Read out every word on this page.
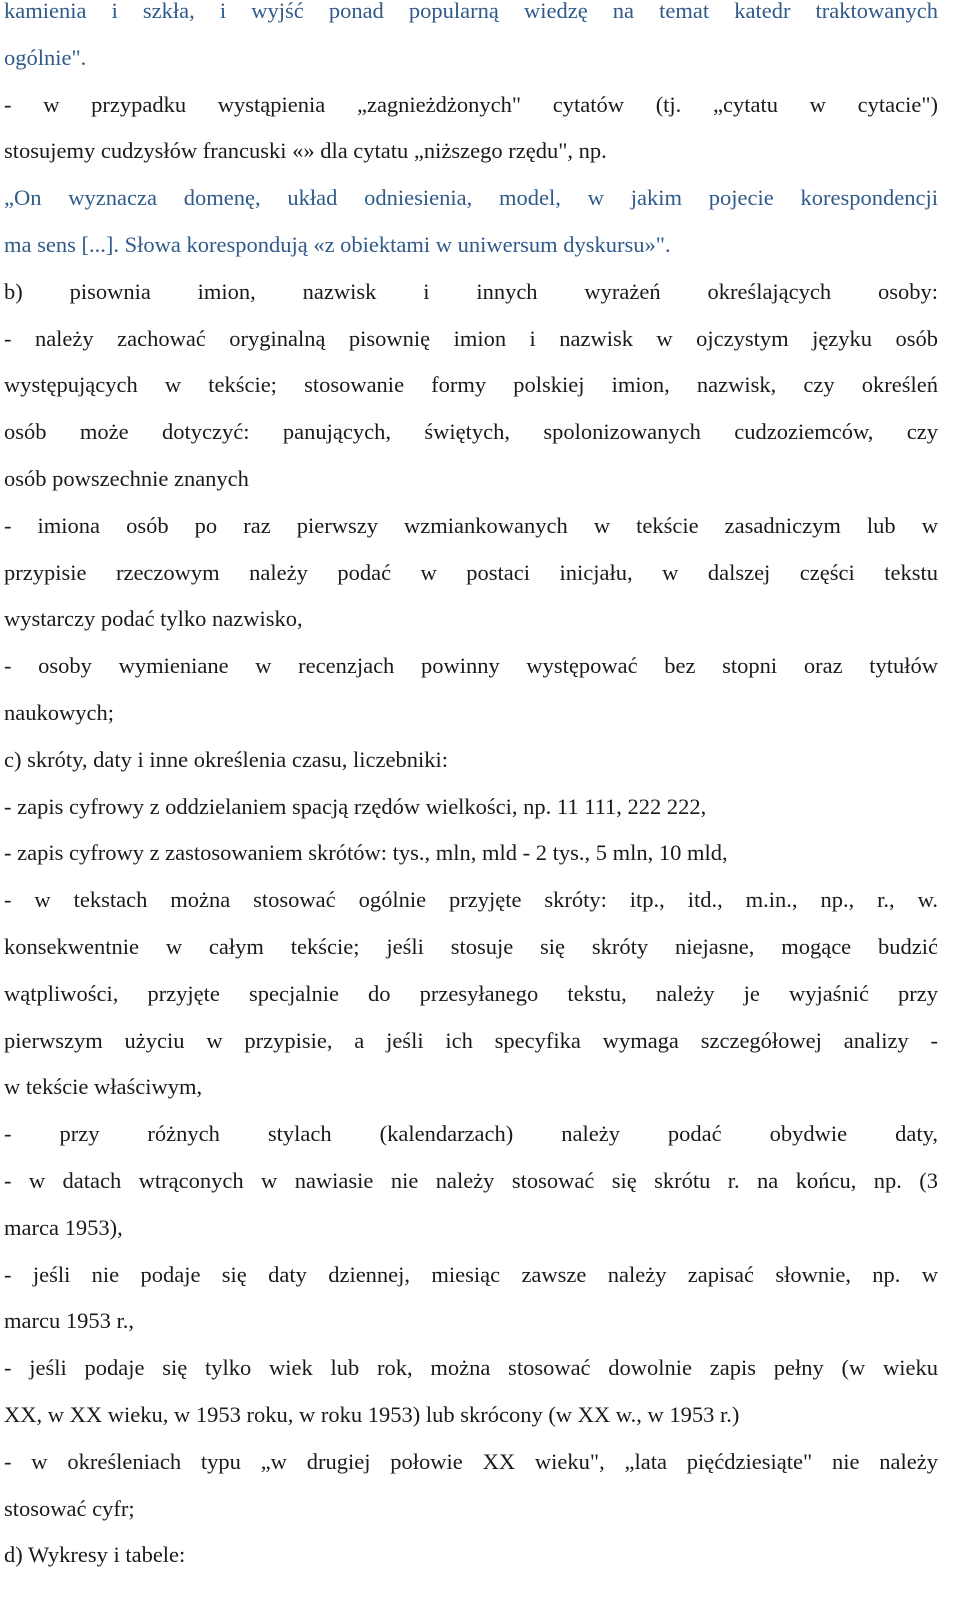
kamienia i szkła, i wyjść ponad popularną wiedzę na temat katedr traktowanych
ogólnie".
- w przypadku wystąpienia „zagnieżdżonych" cytatów (tj. „cytatu w cytacie")
stosujemy cudzysłów francuski «» dla cytatu „niższego rzędu", np.
„On wyznacza domenę, układ odniesienia, model, w jakim pojecie korespondencji
ma sens [...]. Słowa korespondują «z obiektami w uniwersum dyskursu»".
b) pisownia imion, nazwisk i innych wyrażeń określających osoby:
- należy zachować oryginalną pisownię imion i nazwisk w ojczystym języku osób
występujących w tekście; stosowanie formy polskiej imion, nazwisk, czy określeń
osób może dotyczyć: panujących, świętych, spolonizowanych cudzoziemców, czy
osób powszechnie znanych
- imiona osób po raz pierwszy wzmiankowanych w tekście zasadniczym lub w
przypisie rzeczowym należy podać w postaci inicjału, w dalszej części tekstu
wystarczy podać tylko nazwisko,
- osoby wymieniane w recenzjach powinny występować bez stopni oraz tytułów
naukowych;
c) skróty, daty i inne określenia czasu, liczebniki:
- zapis cyfrowy z oddzielaniem spacją rzędów wielkości, np. 11 111, 222 222,
- zapis cyfrowy z zastosowaniem skrótów: tys., mln, mld - 2 tys., 5 mln, 10 mld,
- w tekstach można stosować ogólnie przyjęte skróty: itp., itd., m.in., np., r., w.
konsekwentnie w całym tekście; jeśli stosuje się skróty niejasne, mogące budzić
wątpliwości, przyjęte specjalnie do przesyłanego tekstu, należy je wyjaśnić przy
pierwszym użyciu w przypisie, a jeśli ich specyfika wymaga szczegółowej analizy -
w tekście właściwym,
- przy różnych stylach (kalendarzach) należy podać obydwie daty,
- w datach wtrąconych w nawiasie nie należy stosować się skrótu r. na końcu, np. (3
marca 1953),
- jeśli nie podaje się daty dziennej, miesiąc zawsze należy zapisać słownie, np. w
marcu 1953 r.,
- jeśli podaje się tylko wiek lub rok, można stosować dowolnie zapis pełny (w wieku
XX, w XX wieku, w 1953 roku, w roku 1953) lub skrócony (w XX w., w 1953 r.)
- w określeniach typu „w drugiej połowie XX wieku", „lata pięćdziesiąte" nie należy
stosować cyfr;
d) Wykresy i tabele:
